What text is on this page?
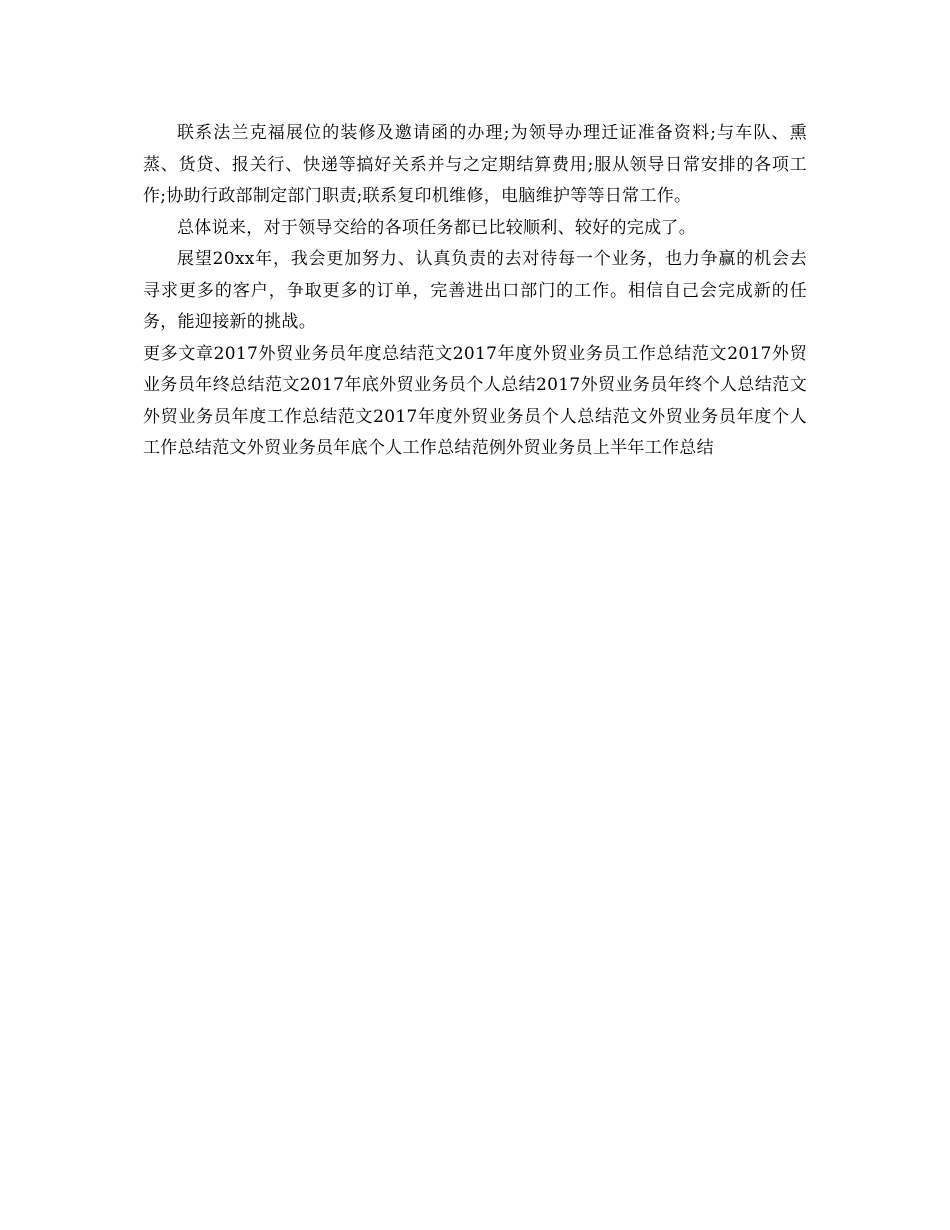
联系法兰克福展位的装修及邀请函的办理;为领导办理迁证准备资料;与车队、熏蒸、货贷、报关行、快递等搞好关系并与之定期结算费用;服从领导日常安排的各项工作;协助行政部制定部门职责;联系复印机维修，电脑维护等等日常工作。

总体说来，对于领导交给的各项任务都已比较顺利、较好的完成了。

展望20xx年，我会更加努力、认真负责的去对待每一个业务，也力争赢的机会去寻求更多的客户，争取更多的订单，完善进出口部门的工作。相信自己会完成新的任务，能迎接新的挑战。

更多文章2017外贸业务员年度总结范文2017年度外贸业务员工作总结范文2017外贸业务员年终总结范文2017年底外贸业务员个人总结2017外贸业务员年终个人总结范文外贸业务员年度工作总结范文2017年度外贸业务员个人总结范文外贸业务员年度个人工作总结范文外贸业务员年底个人工作总结范例外贸业务员上半年工作总结
